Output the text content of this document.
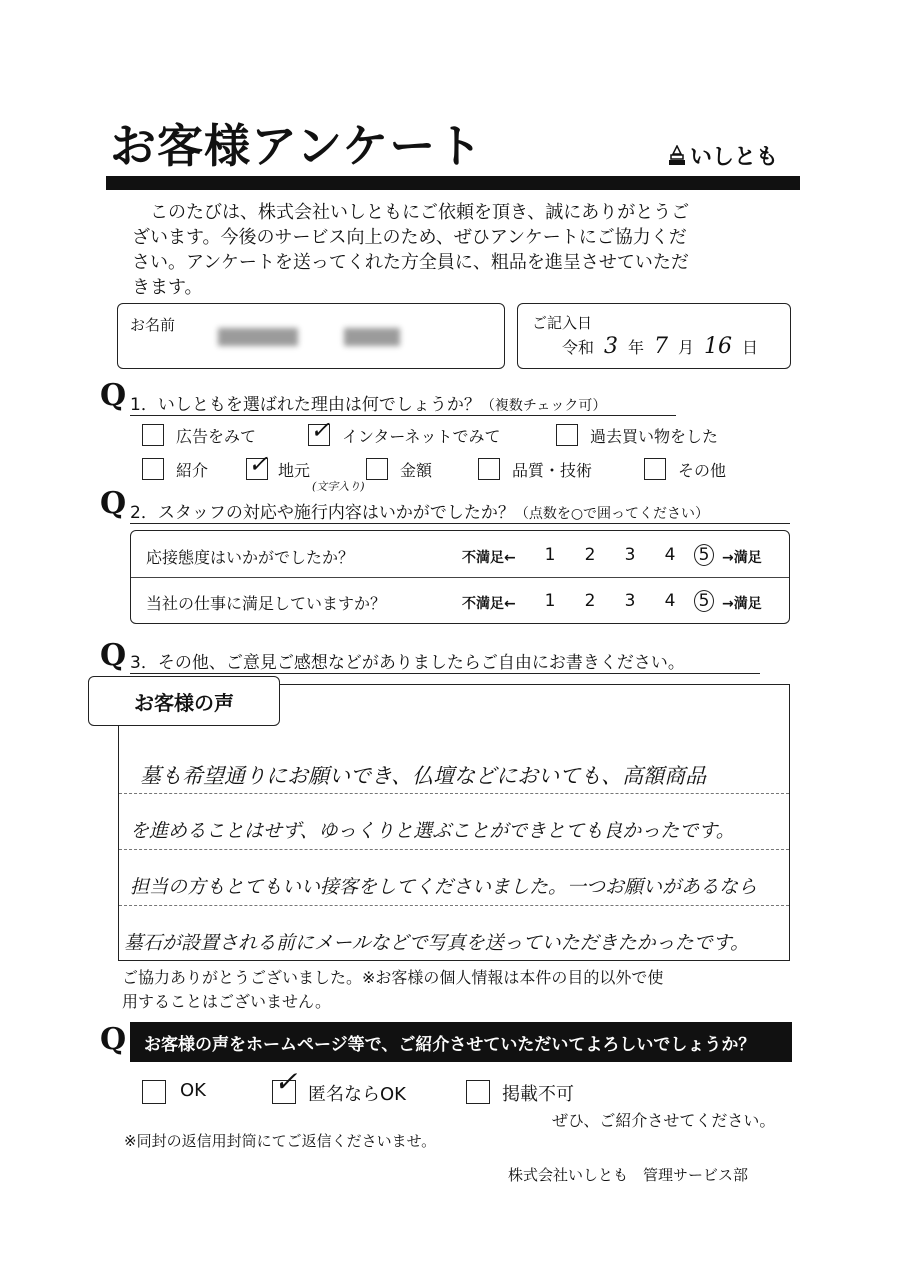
お客様アンケート	いしとも
　このたびは、株式会社いしともにご依頼を頂き、誠にありがとうご
ざいます。今後のサービス向上のため、ぜひアンケートにご協力くだ
さい。アンケートを送ってくれた方全員に、粗品を進呈させていただ
きます。
お名前	ご記入日
令和 3 年 7 月 16 日
Q 1．いしともを選ばれた理由は何でしょうか？（複数チェック可）
広告をみて ✓ インターネットでみて	過去買い物をした
紹介 ✓ 地元	金額	品質・技術	その他
Q	(文字入り)
2．スタッフの対応や施行内容はいかがでしたか？（点数を○で囲ってください）
応接態度はいかがでしたか？	不満足← 1 2 3 4 5 →満足
当社の仕事に満足していますか？	不満足← 1 2 3 4 5 →満足
Q 3．その他、ご意見ご感想などがありましたらご自由にお書きください。
お客様の声
墓も希望通りにお願いでき、仏壇などにおいても、高額商品
を進めることはせず、ゆっくりと選ぶことができとても良かったです。
担当の方もとてもいい接客をしてくださいました。一つお願いがあるなら
墓石が設置される前にメールなどで写真を送っていただきたかったです。
ご協力ありがとうございました。※お客様の個人情報は本件の目的以外で使
用することはございません。
Q	お客様の声をホームページ等で、ご紹介させていただいてよろしいでしょうか？
OK ✓ 匿名ならOK	掲載不可
ぜひ、ご紹介させてください。
※同封の返信用封筒にてご返信くださいませ。
株式会社いしとも　管理サービス部
